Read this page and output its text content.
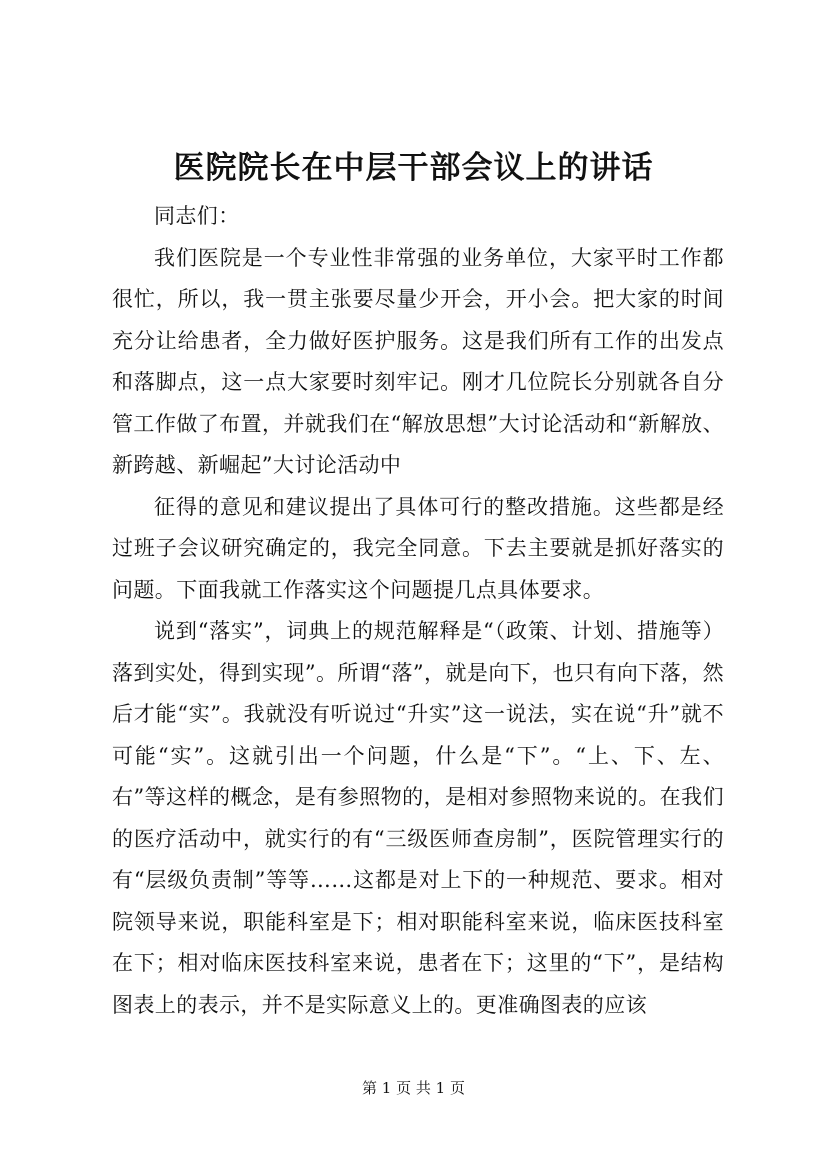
医院院长在中层干部会议上的讲话

同志们：

我们医院是一个专业性非常强的业务单位，大家平时工作都很忙，所以，我一贯主张要尽量少开会，开小会。把大家的时间充分让给患者，全力做好医护服务。这是我们所有工作的出发点和落脚点，这一点大家要时刻牢记。刚才几位院长分别就各自分管工作做了布置，并就我们在“解放思想”大讨论活动和“新解放、新跨越、新崛起”大讨论活动中

征得的意见和建议提出了具体可行的整改措施。这些都是经过班子会议研究确定的，我完全同意。下去主要就是抓好落实的问题。下面我就工作落实这个问题提几点具体要求。

说到“落实”，词典上的规范解释是“（政策、计划、措施等）落到实处，得到实现”。所谓“落”，就是向下，也只有向下落，然后才能“实”。我就没有听说过“升实”这一说法，实在说“升”就不可能“实”。这就引出一个问题，什么是“下”。“上、下、左、右”等这样的概念，是有参照物的，是相对参照物来说的。在我们的医疗活动中，就实行的有“三级医师查房制”，医院管理实行的有“层级负责制”等等……这都是对上下的一种规范、要求。相对院领导来说，职能科室是下；相对职能科室来说，临床医技科室在下；相对临床医技科室来说，患者在下；这里的“下”，是结构图表上的表示，并不是实际意义上的。更准确图表的应该

第 1 页 共 1 页
